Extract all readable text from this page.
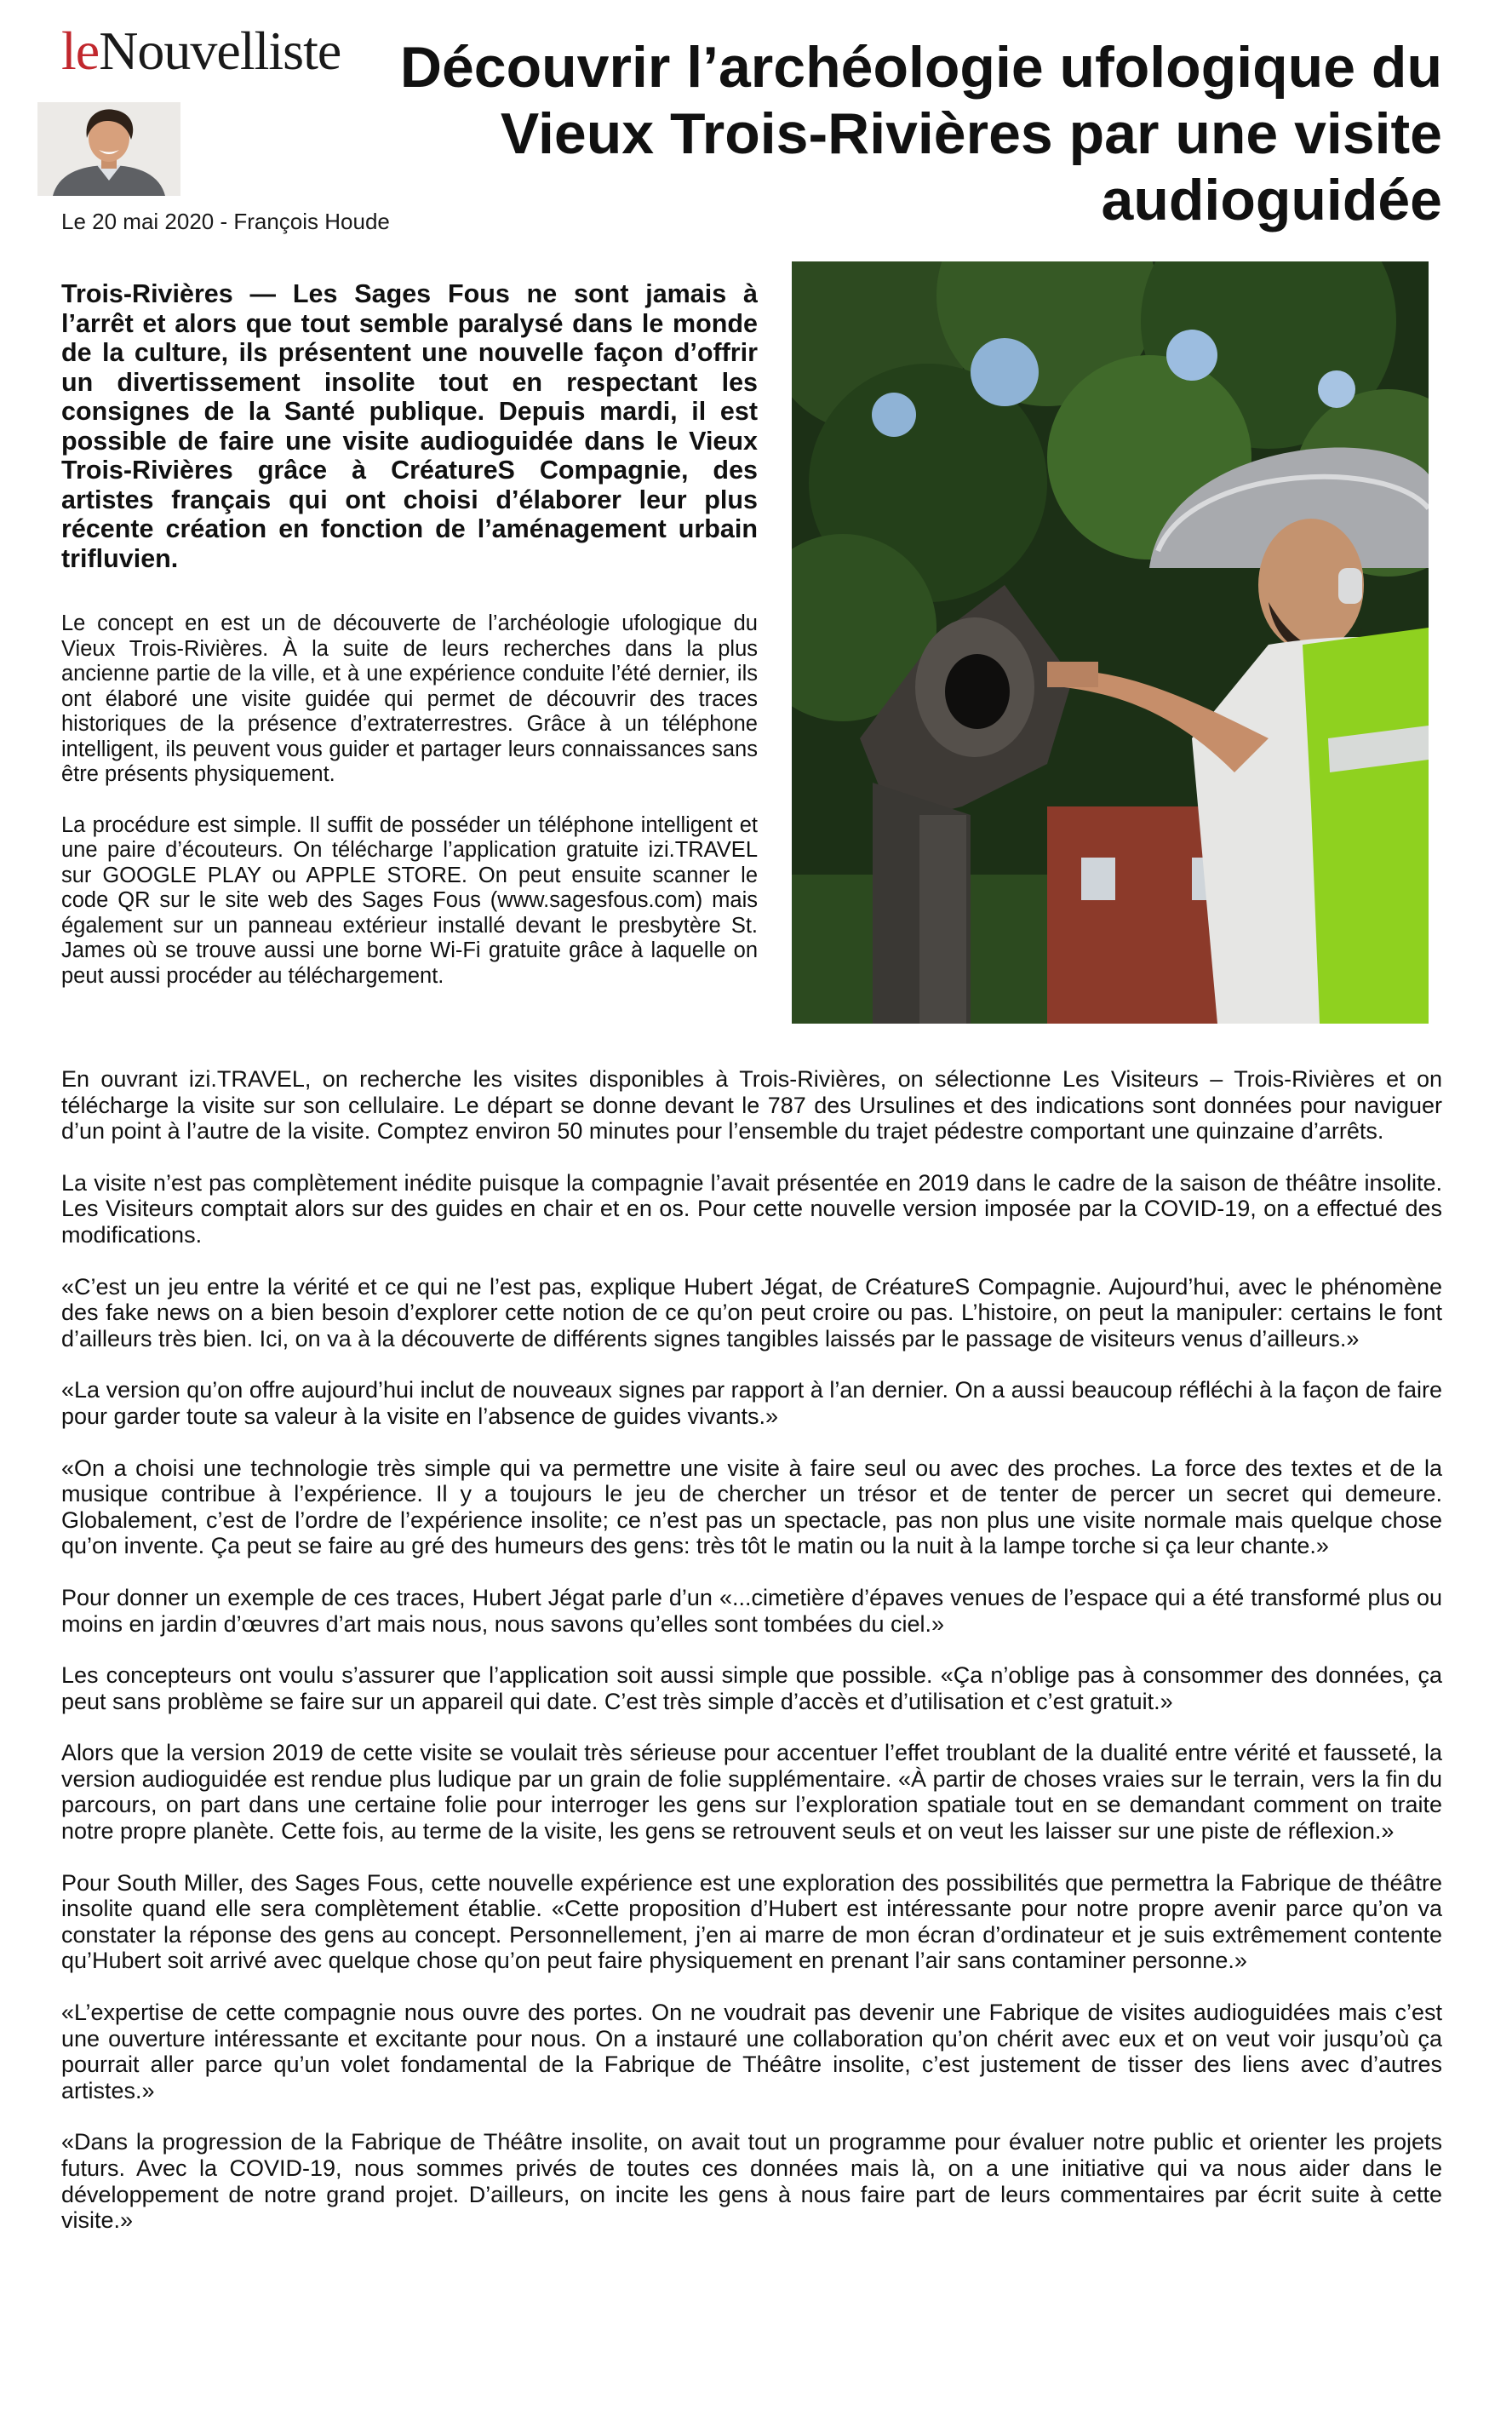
leNouvelliste
Le 20 mai 2020 - François Houde
Découvrir l’archéologie ufologique du Vieux Trois-Rivières par une visite audioguidée

Trois-Rivières — Les Sages Fous ne sont jamais à l’arrêt et alors que tout semble paralysé dans le monde de la culture, ils présentent une nouvelle façon d’offrir un divertissement insolite tout en respectant les consignes de la Santé publique. Depuis mardi, il est possible de faire une visite audioguidée dans le Vieux Trois-Rivières grâce à CréatureS Compagnie, des artistes français qui ont choisi d’élaborer leur plus récente création en fonction de l’aménagement urbain trifluvien.

Le concept en est un de découverte de l’archéologie ufologique du Vieux Trois-Rivières. À la suite de leurs recherches dans la plus ancienne partie de la ville, et à une expérience conduite l’été dernier, ils ont élaboré une visite guidée qui permet de découvrir des traces historiques de la présence d’extraterrestres. Grâce à un téléphone intelligent, ils peuvent vous guider et partager leurs connaissances sans être présents physiquement.

La procédure est simple. Il suffit de posséder un téléphone intelligent et une paire d’écouteurs. On télécharge l’application gratuite izi.TRAVEL sur GOOGLE PLAY ou APPLE STORE. On peut ensuite scanner le code QR sur le site web des Sages Fous (www.sagesfous.com) mais également sur un panneau extérieur installé devant le presbytère St. James où se trouve aussi une borne Wi-Fi gratuite grâce à laquelle on peut aussi procéder au téléchargement.

En ouvrant izi.TRAVEL, on recherche les visites disponibles à Trois-Rivières, on sélectionne Les Visiteurs – Trois-Rivières et on télécharge la visite sur son cellulaire. Le départ se donne devant le 787 des Ursulines et des indications sont données pour naviguer d’un point à l’autre de la visite. Comptez environ 50 minutes pour l’ensemble du trajet pédestre comportant une quinzaine d’arrêts.

La visite n’est pas complètement inédite puisque la compagnie l’avait présentée en 2019 dans le cadre de la saison de théâtre insolite. Les Visiteurs comptait alors sur des guides en chair et en os. Pour cette nouvelle version imposée par la COVID-19, on a effectué des modifications.

«C’est un jeu entre la vérité et ce qui ne l’est pas, explique Hubert Jégat, de CréatureS Compagnie. Aujourd’hui, avec le phénomène des fake news on a bien besoin d’explorer cette notion de ce qu’on peut croire ou pas. L’histoire, on peut la manipuler: certains le font d’ailleurs très bien. Ici, on va à la découverte de différents signes tangibles laissés par le passage de visiteurs venus d’ailleurs.»

«La version qu’on offre aujourd’hui inclut de nouveaux signes par rapport à l’an dernier. On a aussi beaucoup réfléchi à la façon de faire pour garder toute sa valeur à la visite en l’absence de guides vivants.»

«On a choisi une technologie très simple qui va permettre une visite à faire seul ou avec des proches. La force des textes et de la musique contribue à l’expérience. Il y a toujours le jeu de chercher un trésor et de tenter de percer un secret qui demeure. Globalement, c’est de l’ordre de l’expérience insolite; ce n’est pas un spectacle, pas non plus une visite normale mais quelque chose qu’on invente. Ça peut se faire au gré des humeurs des gens: très tôt le matin ou la nuit à la lampe torche si ça leur chante.»

Pour donner un exemple de ces traces, Hubert Jégat parle d’un «...cimetière d’épaves venues de l’espace qui a été transformé plus ou moins en jardin d’œuvres d’art mais nous, nous savons qu’elles sont tombées du ciel.»

Les concepteurs ont voulu s’assurer que l’application soit aussi simple que possible. «Ça n’oblige pas à consommer des données, ça peut sans problème se faire sur un appareil qui date. C’est très simple d’accès et d’utilisation et c’est gratuit.»

Alors que la version 2019 de cette visite se voulait très sérieuse pour accentuer l’effet troublant de la dualité entre vérité et fausseté, la version audioguidée est rendue plus ludique par un grain de folie supplémentaire. «À partir de choses vraies sur le terrain, vers la fin du parcours, on part dans une certaine folie pour interroger les gens sur l’exploration spatiale tout en se demandant comment on traite notre propre planète. Cette fois, au terme de la visite, les gens se retrouvent seuls et on veut les laisser sur une piste de réflexion.»

Pour South Miller, des Sages Fous, cette nouvelle expérience est une exploration des possibilités que permettra la Fabrique de théâtre insolite quand elle sera complètement établie. «Cette proposition d’Hubert est intéressante pour notre propre avenir parce qu’on va constater la réponse des gens au concept. Personnellement, j’en ai marre de mon écran d’ordinateur et je suis extrêmement contente qu’Hubert soit arrivé avec quelque chose qu’on peut faire physiquement en prenant l’air sans contaminer personne.»

«L’expertise de cette compagnie nous ouvre des portes. On ne voudrait pas devenir une Fabrique de visites audioguidées mais c’est une ouverture intéressante et excitante pour nous. On a instauré une collaboration qu’on chérit avec eux et on veut voir jusqu’où ça pourrait aller parce qu’un volet fondamental de la Fabrique de Théâtre insolite, c’est justement de tisser des liens avec d’autres artistes.»

«Dans la progression de la Fabrique de Théâtre insolite, on avait tout un programme pour évaluer notre public et orienter les projets futurs. Avec la COVID-19, nous sommes privés de toutes ces données mais là, on a une initiative qui va nous aider dans le développement de notre grand projet. D’ailleurs, on incite les gens à nous faire part de leurs commentaires par écrit suite à cette visite.»
